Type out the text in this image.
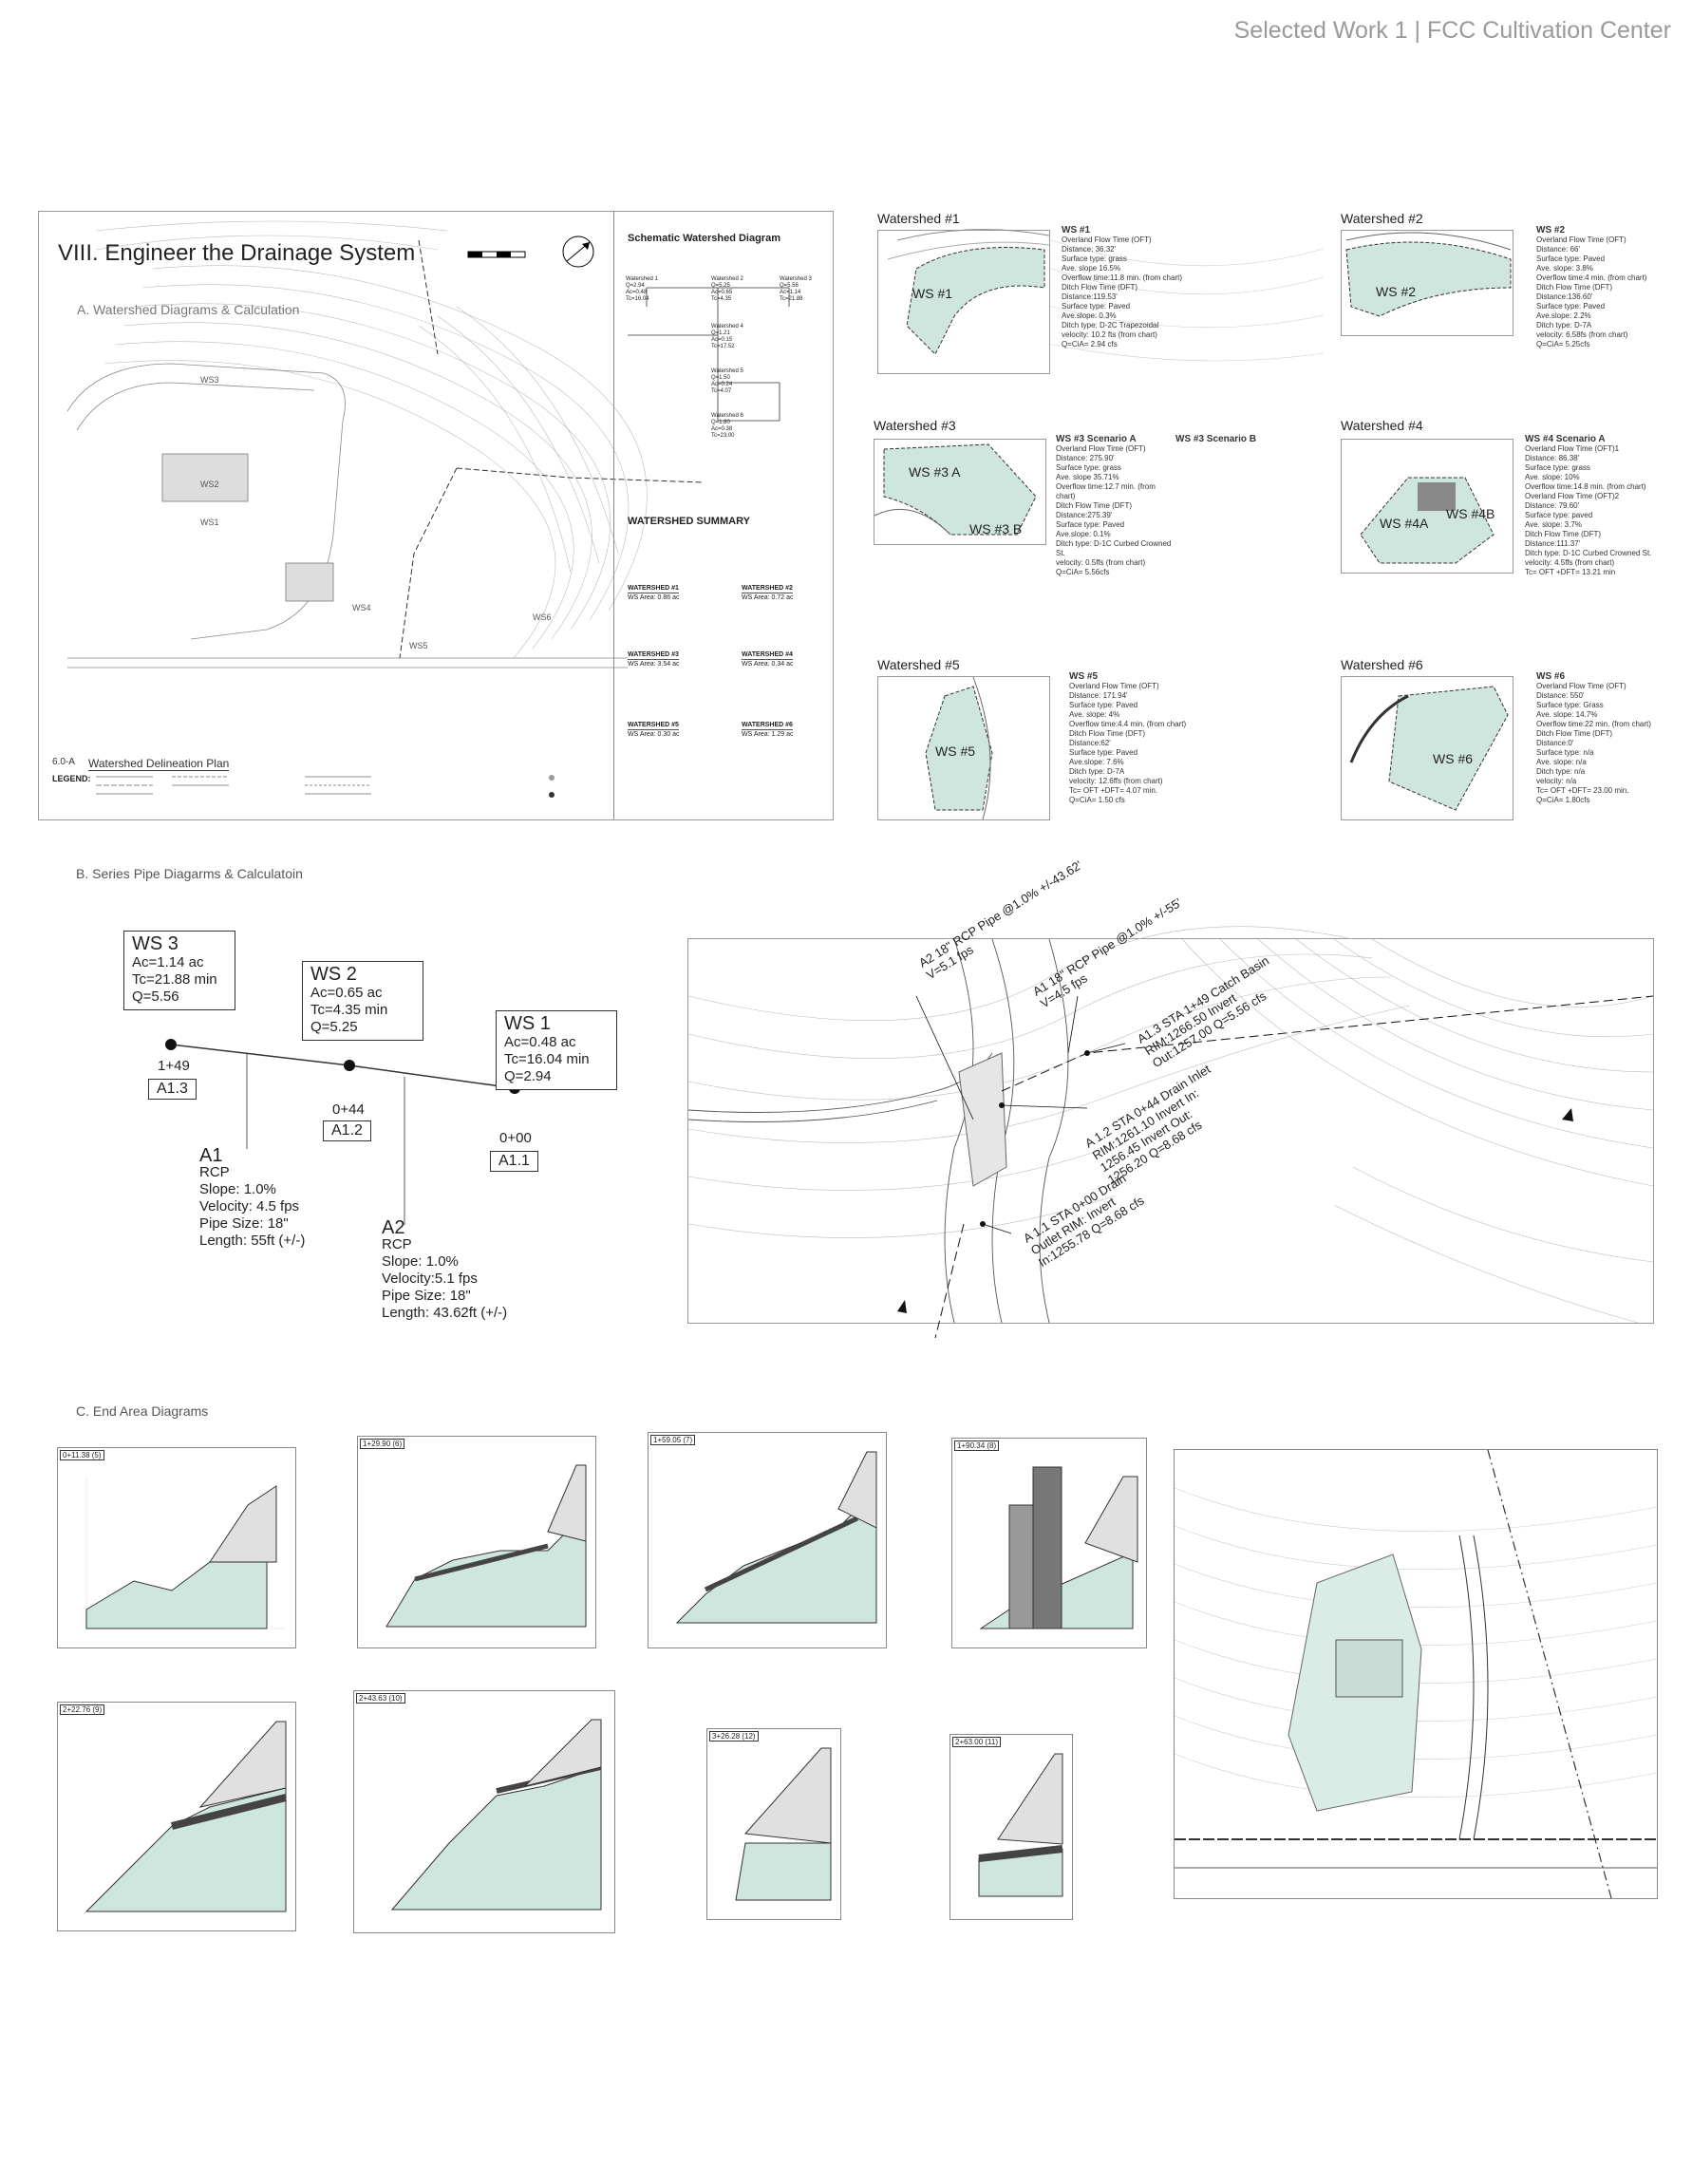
Selected Work 1 | FCC Cultivation Center
WS3
WS2
WS1
WS4
WS5
WS6
VIII. Engineer the Drainage System
A. Watershed Diagrams & Calculation
6.0-A Watershed Delineation Plan
LEGEND:
Schematic Watershed Diagram
Watershed 1
Q=2.94
Ac=0.48
Tc=16.04
Watershed 2
Q=5.25
Ac=0.65
Tc=4.35
Watershed 3
Q=5.56
Ac=1.14
Tc=21.88
Watershed 4
Q=1.21
Ac=0.15
Tc=17.52
Watershed 5
Q=1.50
Ac=0.24
Tc=4.07
Watershed 6
Q=1.80
Ac=0.38
Tc=23.00
WATERSHED SUMMARY
WATERSHED #1
WS Area: 0.86 ac
WATERSHED #2
WS Area: 0.72 ac
WATERSHED #3
WS Area: 3.54 ac
WATERSHED #4
WS Area: 0.34 ac
WATERSHED #5
WS Area: 0.30 ac
WATERSHED #6
WS Area: 1.29 ac
Watershed #1
WS #1
WS #1
Overland Flow Time (OFT)
Distance: 36.32'
Surface type: grass
Ave. slope 16.5%
Overflow time:11.8 min. (from chart)
Ditch Flow Time (DFT)
Distance:119.53'
Surface type: Paved
Ave.slope: 0.3%
Ditch type: D-2C Trapezoidal
velocity: 10.2 fts (from chart)
Q=CiA= 2.94 cfs
Watershed #2
WS #2
WS #2
Overland Flow Time (OFT)
Distance: 66'
Surface type: Paved
Ave. slope: 3.8%
Overflow time:4 min. (from chart)
Ditch Flow Time (DFT)
Distance:136.60'
Surface type: Paved
Ave.slope: 2.2%
Ditch type: D-7A
velocity: 6.58fs (from chart)
Q=CiA= 5.25cfs
Watershed #3
WS #3 A
WS #3 B
WS #3 Scenario A
Overland Flow Time (OFT)
Distance: 275.90'
Surface type: grass
Ave. slope 35.71%
Overflow time:12.7 min. (from chart)
Ditch Flow Time (DFT)
Distance:275.39'
Surface type: Paved
Ave.slope: 0.1%
Ditch type: D-1C Curbed Crowned St.
velocity: 0.5ffs (from chart)
Q=CiA= 5.56cfs
WS #3 Scenario B
Watershed #4
WS #4A
WS #4B
WS #4 Scenario A
Overland Flow Time (OFT)1
Distance: 86.38'
Surface type: grass
Ave. slope: 10%
Overflow time:14.8 min. (from chart)
Overland Flow Time (OFT)2
Distance: 79.60'
Surface type: paved
Ave. slope: 3.7%
Ditch Flow Time (DFT)
Distance:111.37'
Ditch type: D-1C Curbed Crowned St.
velocity: 4.5ffs (from chart)
Tc= OFT +DFT= 13.21 min
Watershed #5
WS #5
WS #5
Overland Flow Time (OFT)
Distance: 171.94'
Surface type: Paved
Ave. slope: 4%
Overflow time:4.4 min. (from chart)
Ditch Flow Time (DFT)
Distance:62'
Surface type: Paved
Ave.slope: 7.6%
Ditch type: D-7A
velocity: 12.6ffs (from chart)
Tc= OFT +DFT= 4.07 min.
Q=CiA= 1.50 cfs
Watershed #6
WS #6
WS #6
Overland Flow Time (OFT)
Distance: 550'
Surface type: Grass
Ave. slope: 14.7%
Overflow time:22 min. (from chart)
Ditch Flow Time (DFT)
Distance:0'
Surface type: n/a
Ave. slope: n/a
Ditch type: n/a
velocity: n/a
Tc= OFT +DFT= 23.00 min.
Q=CiA= 1.80cfs
B. Series Pipe Diagarms & Calculatoin
WS 3
Ac=1.14 ac
Tc=21.88 min
Q=5.56
WS 2
Ac=0.65 ac
Tc=4.35 min
Q=5.25	WS 1
Ac=0.48 ac
Tc=16.04 min
Q=2.94
1+49
A1.3
0+44
A1.2	0+00
A1.1
A1
RCP
Slope: 1.0%
Velocity: 4.5 fps
Pipe Size: 18"
Length: 55ft (+/-)
A2
RCP
Slope: 1.0%
Velocity:5.1 fps
Pipe Size: 18"
Length: 43.62ft (+/-)
A2 18" RCP Pipe @1.0% +/-43.62' V=5.1 fps	A1 18" RCP Pipe @1.0% +/-55' V=4.5 fps	A1.3 STA 1+49 Catch Basin RIM:1266.50 Invert Out:1257.00 Q=5.56 cfs
A 1.2 STA 0+44 Drain Inlet RIM:1261.10 Invert In: 1256.45 Invert Out: 1256.20 Q=8.68 cfs
A 1.1 STA 0+00 Drain Outlet RIM: Invert In:1255.78 Q=8.68 cfs
C. End Area Diagrams
0+11.38 (5)
1+29.90 (6)	1+59.05 (7)
1+90.34 (8)
2+22.76 (9)
2+43.63 (10)
3+26.28 (12)
2+63.00 (11)
